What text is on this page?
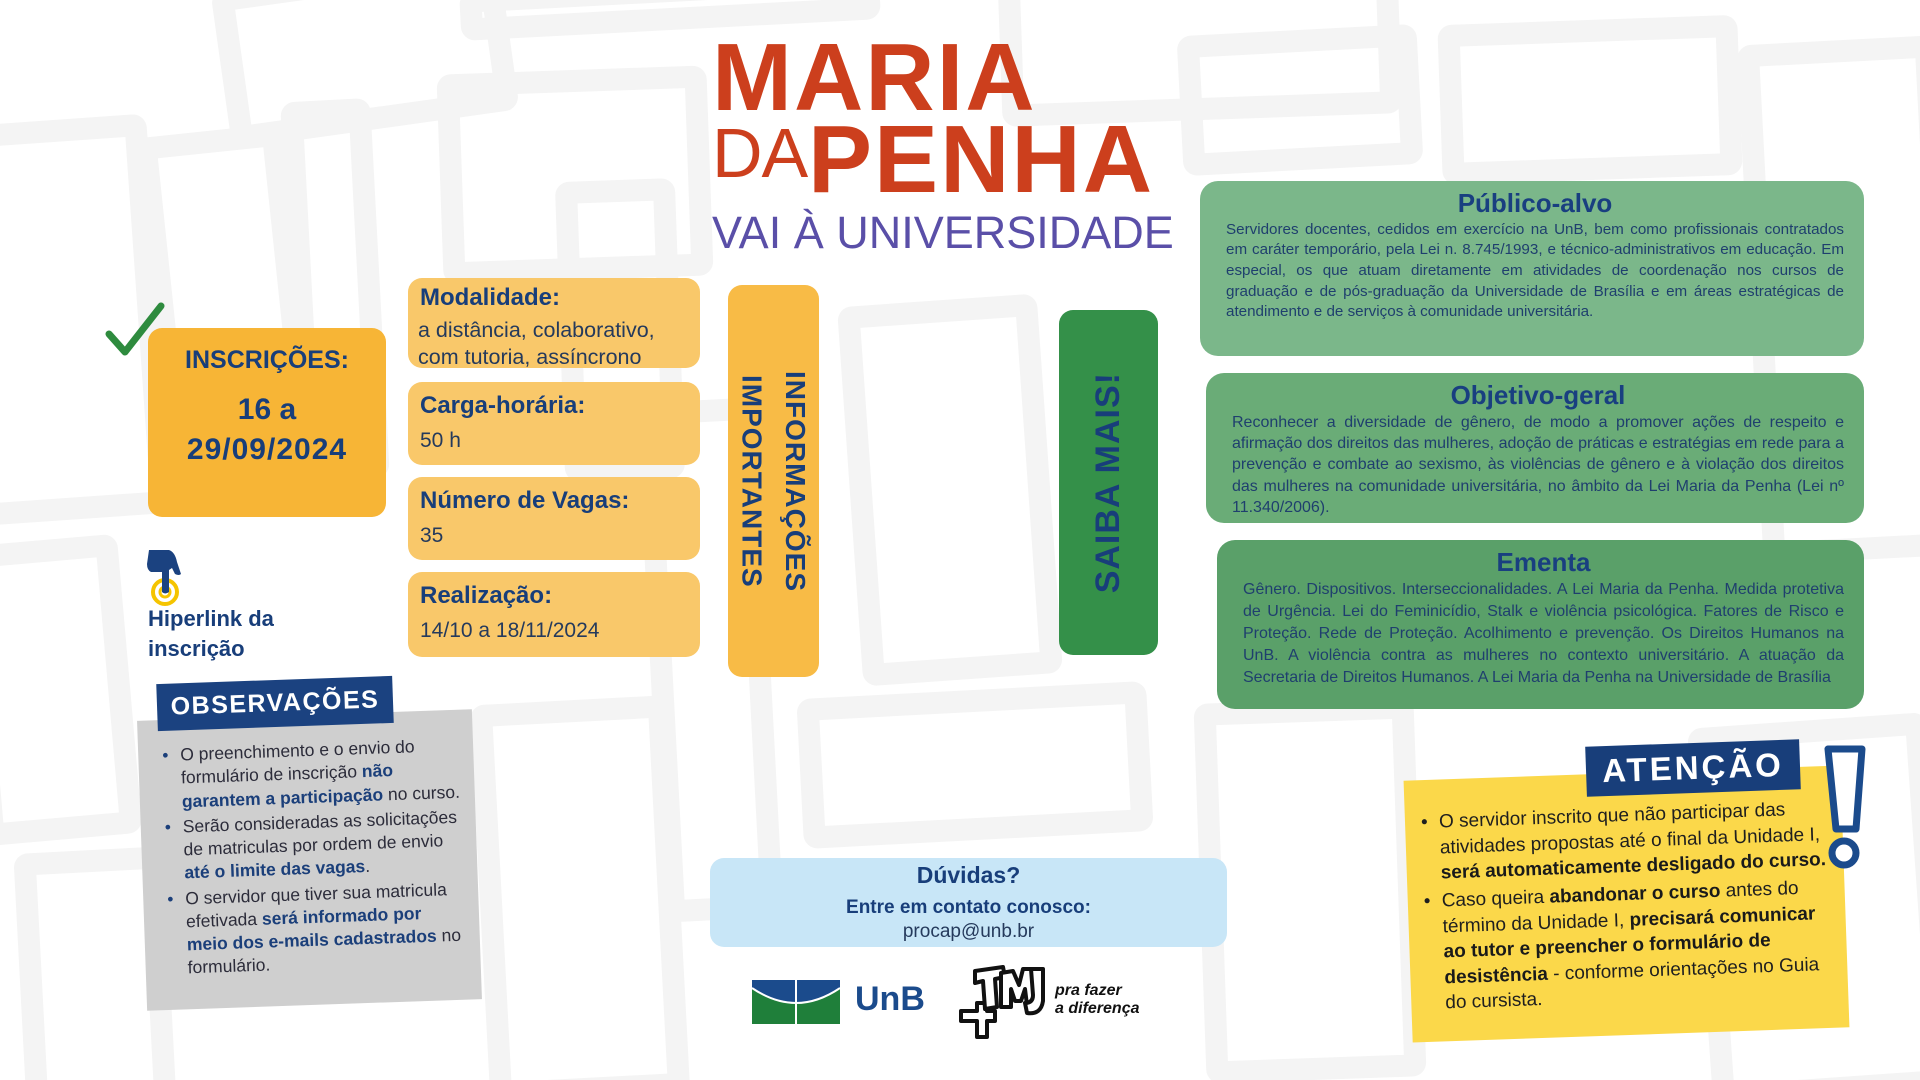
MARIA
DA PENHA
VAI À UNIVERSIDADE
INSCRIÇÕES:
16 a
29/09/2024
Hiperlink da
inscrição
Modalidade:
a distância, colaborativo,
com tutoria, assíncrono
Carga-horária:
50 h
Número de Vagas:
35
Realização:
14/10 a 18/11/2024
INFORMAÇÕES
IMPORTANTES	SAIBA MAIS!
OBSERVAÇÕES
• O preenchimento e o envio do formulário de inscrição não garantem a participação no curso.
• Serão consideradas as solicitações de matriculas por ordem de envio até o limite das vagas.
• O servidor que tiver sua matricula efetivada será informado por meio dos e-mails cadastrados no formulário.
Público-alvo
Servidores docentes, cedidos em exercício na UnB, bem como profissionais contratados em caráter temporário, pela Lei n. 8.745/1993, e técnico-administrativos em educação. Em especial, os que atuam diretamente em atividades de coordenação nos cursos de graduação e de pós-graduação da Universidade de Brasília e em áreas estratégicas de atendimento e de serviços à comunidade universitária.
Objetivo-geral
Reconhecer a diversidade de gênero, de modo a promover ações de respeito e afirmação dos direitos das mulheres, adoção de práticas e estratégias em rede para a prevenção e combate ao sexismo, às violências de gênero e à violação dos direitos das mulheres na comunidade universitária, no âmbito da Lei Maria da Penha (Lei nº 11.340/2006).
Ementa
Gênero. Dispositivos. Interseccionalidades. A Lei Maria da Penha. Medida protetiva de Urgência. Lei do Feminicídio, Stalk e violência psicológica. Fatores de Risco e Proteção. Rede de Proteção. Acolhimento e prevenção. Os Direitos Humanos na UnB. A violência contra as mulheres no contexto universitário. A atuação da Secretaria de Direitos Humanos. A Lei Maria da Penha na Universidade de Brasília
ATENÇÃO
• O servidor inscrito que não participar das atividades propostas até o final da Unidade I, será automaticamente desligado do curso.
• Caso queira abandonar o curso antes do término da Unidade I, precisará comunicar ao tutor e preencher o formulário de desistência - conforme orientações no Guia do cursista.
Dúvidas?
Entre em contato conosco:
procap@unb.br
UnB	pra fazer
a diferença
